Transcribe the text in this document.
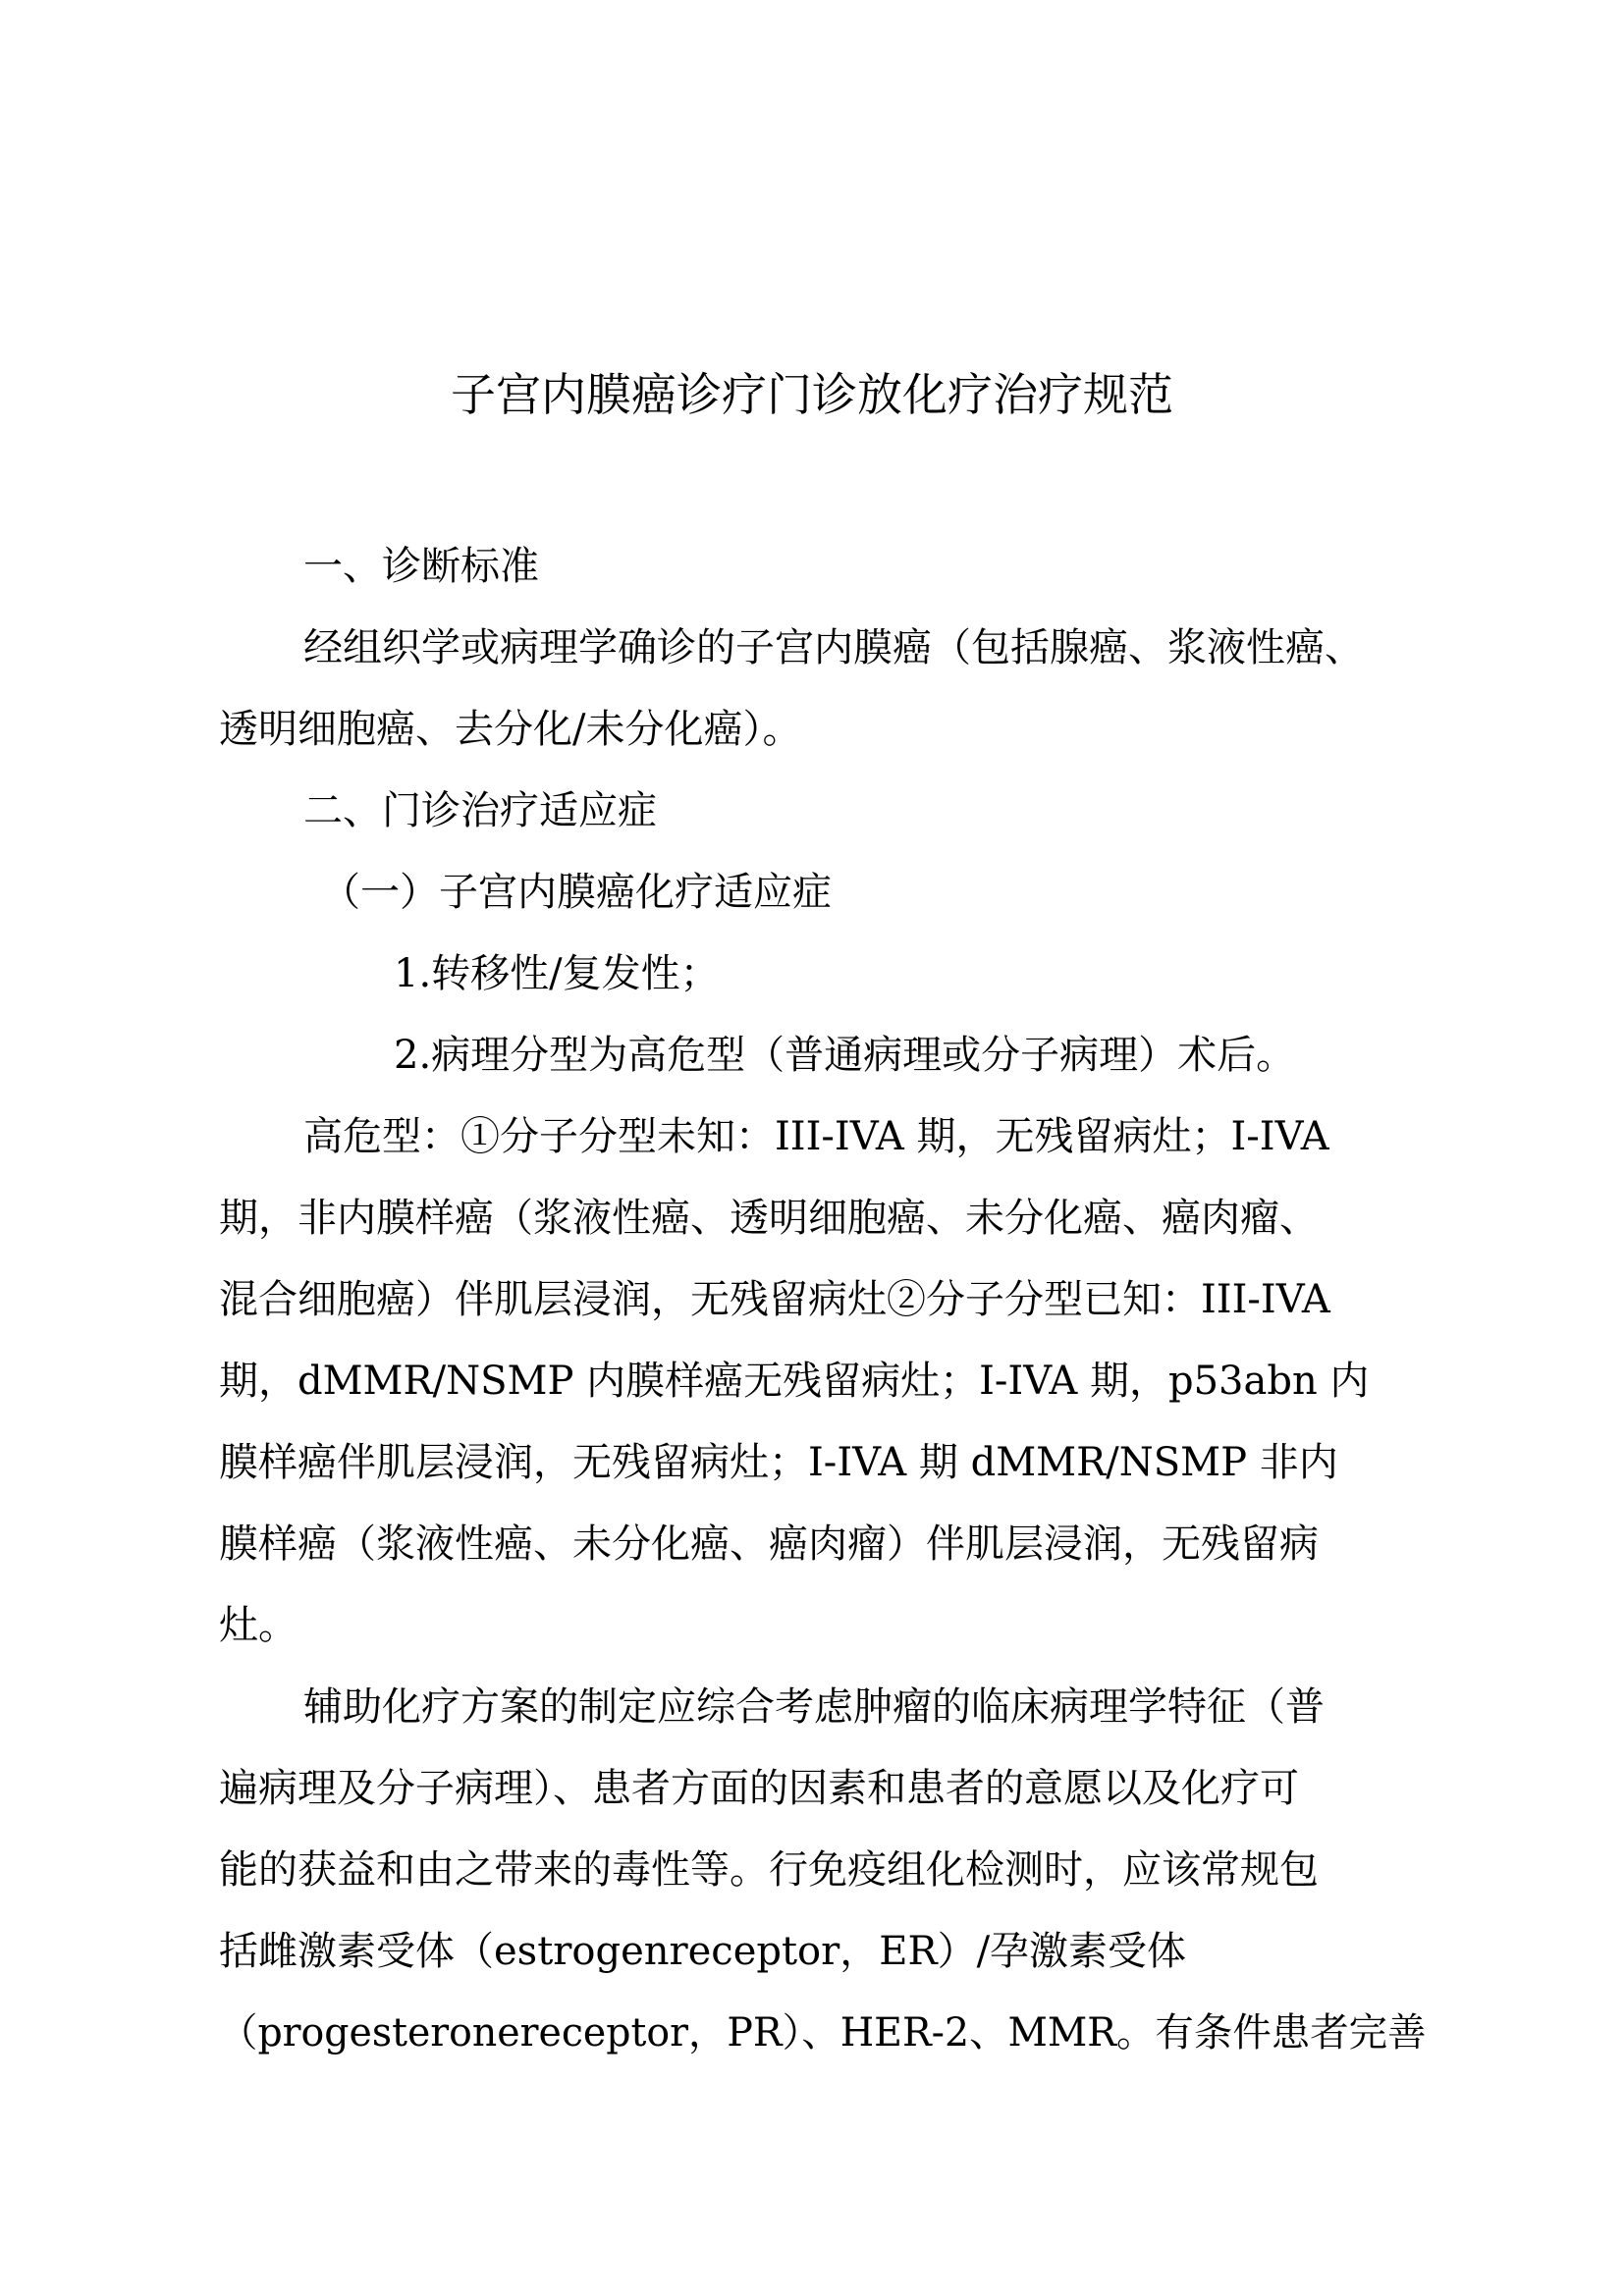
子宫内膜癌诊疗门诊放化疗治疗规范
一、诊断标准
经组织学或病理学确诊的子宫内膜癌（包括腺癌、浆液性癌、
透明细胞癌、去分化/未分化癌）。
二、门诊治疗适应症
（一）子宫内膜癌化疗适应症
1.转移性/复发性；
2.病理分型为高危型（普通病理或分子病理）术后。
高危型：①分子分型未知：III-IVA 期，无残留病灶；I-IVA
期，非内膜样癌（浆液性癌、透明细胞癌、未分化癌、癌肉瘤、
混合细胞癌）伴肌层浸润，无残留病灶②分子分型已知：III-IVA
期，dMMR/NSMP 内膜样癌无残留病灶；I-IVA 期，p53abn 内
膜样癌伴肌层浸润，无残留病灶；I-IVA 期 dMMR/NSMP 非内
膜样癌（浆液性癌、未分化癌、癌肉瘤）伴肌层浸润，无残留病
灶。
辅助化疗方案的制定应综合考虑肿瘤的临床病理学特征（普
遍病理及分子病理）、患者方面的因素和患者的意愿以及化疗可
能的获益和由之带来的毒性等。行免疫组化检测时，应该常规包
括雌激素受体（estrogenreceptor，ER）/孕激素受体
（progesteronereceptor，PR）、HER-2、MMR。有条件患者完善
